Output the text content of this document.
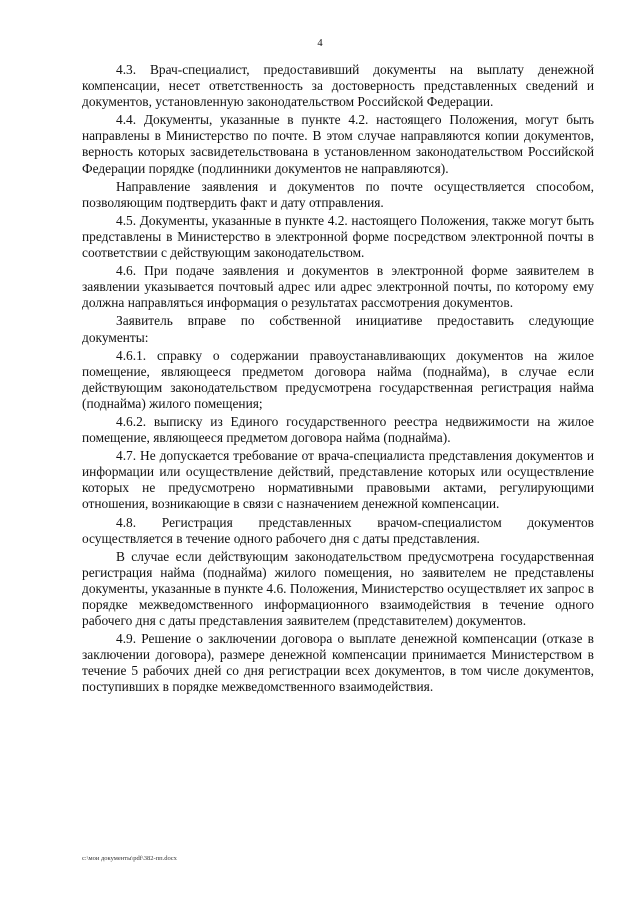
4

4.3. Врач-специалист, предоставивший документы на выплату денежной компенсации, несет ответственность за достоверность представленных сведений и документов, установленную законодательством Российской Федерации.

4.4. Документы, указанные в пункте 4.2. настоящего Положения, могут быть направлены в Министерство по почте. В этом случае направляются копии документов, верность которых засвидетельствована в установленном законодательством Российской Федерации порядке (подлинники документов не направляются).

Направление заявления и документов по почте осуществляется способом, позволяющим подтвердить факт и дату отправления.

4.5. Документы, указанные в пункте 4.2. настоящего Положения, также могут быть представлены в Министерство в электронной форме посредством электронной почты в соответствии с действующим законодательством.

4.6. При подаче заявления и документов в электронной форме заявителем в заявлении указывается почтовый адрес или адрес электронной почты, по которому ему должна направляться информация о результатах рассмотрения документов.

Заявитель вправе по собственной инициативе предоставить следующие документы:

4.6.1. справку о содержании правоустанавливающих документов на жилое помещение, являющееся предметом договора найма (поднайма), в случае если действующим законодательством предусмотрена государственная регистрация найма (поднайма) жилого помещения;

4.6.2. выписку из Единого государственного реестра недвижимости на жилое помещение, являющееся предметом договора найма (поднайма).

4.7. Не допускается требование от врача-специалиста представления документов и информации или осуществление действий, представление которых или осуществление которых не предусмотрено нормативными правовыми актами, регулирующими отношения, возникающие в связи с назначением денежной компенсации.

4.8. Регистрация представленных врачом-специалистом документов осуществляется в течение одного рабочего дня с даты представления.

В случае если действующим законодательством предусмотрена государственная регистрация найма (поднайма) жилого помещения, но заявителем не представлены документы, указанные в пункте 4.6. Положения, Министерство осуществляет их запрос в порядке межведомственного информационного взаимодействия в течение одного рабочего дня с даты представления заявителем (представителем) документов.

4.9. Решение о заключении договора о выплате денежной компенсации (отказе в заключении договора), размере денежной компенсации принимается Министерством в течение 5 рабочих дней со дня регистрации всех документов, в том числе документов, поступивших в порядке межведомственного взаимодействия.

c:\мои документы\pdf\382-пп.docx
